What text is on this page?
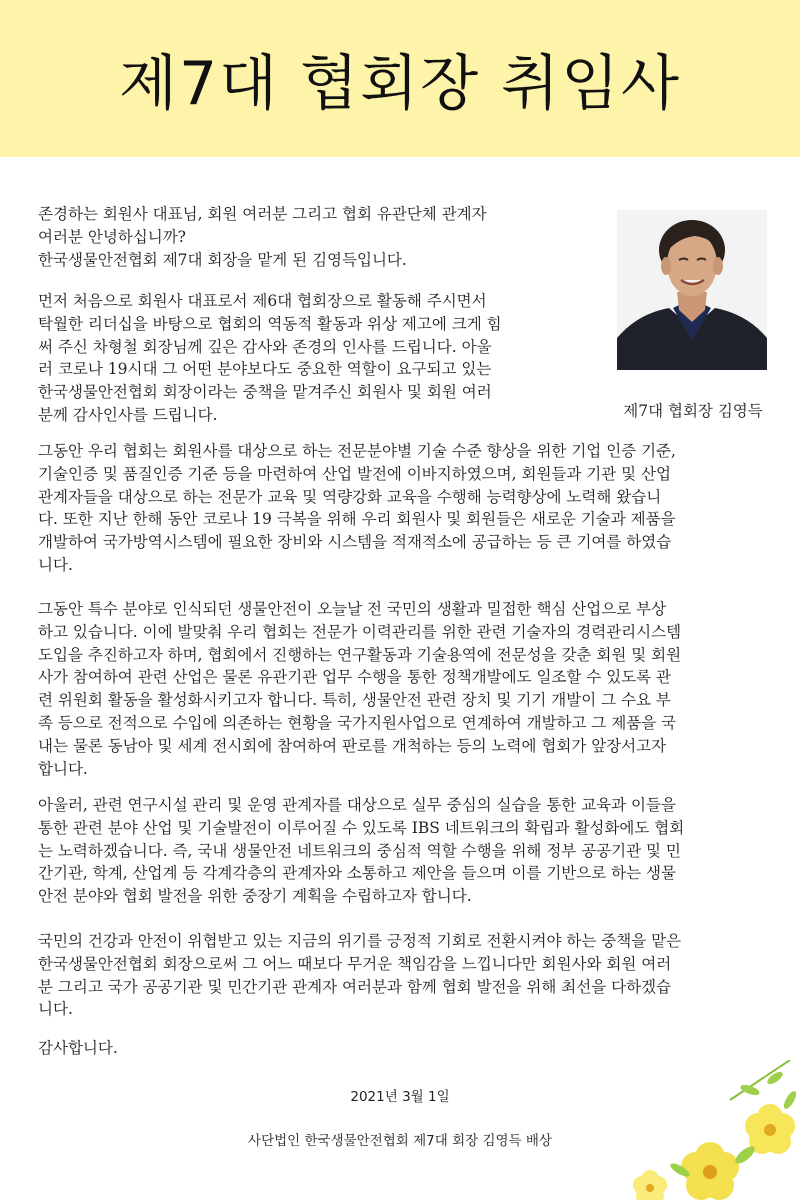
제7대 협회장 취임사
제7대 협회장 김영득

존경하는 회원사 대표님, 회원 여러분 그리고 협회 유관단체 관계자
여러분 안녕하십니까?
한국생물안전협회 제7대 회장을 맡게 된 김영득입니다.

먼저 처음으로 회원사 대표로서 제6대 협회장으로 활동해 주시면서
탁월한 리더십을 바탕으로 협회의 역동적 활동과 위상 제고에 크게 힘
써 주신 차형철 회장님께 깊은 감사와 존경의 인사를 드립니다. 아울
러 코로나 19시대 그 어떤 분야보다도 중요한 역할이 요구되고 있는
한국생물안전협회 회장이라는 중책을 맡겨주신 회원사 및 회원 여러
분께 감사인사를 드립니다.

그동안 우리 협회는 회원사를 대상으로 하는 전문분야별 기술 수준 향상을 위한 기업 인증 기준,
기술인증 및 품질인증 기준 등을 마련하여 산업 발전에 이바지하였으며, 회원들과 기관 및 산업
관계자들을 대상으로 하는 전문가 교육 및 역량강화 교육을 수행해 능력향상에 노력해 왔습니
다. 또한 지난 한해 동안 코로나 19 극복을 위해 우리 회원사 및 회원들은 새로운 기술과 제품을
개발하여 국가방역시스템에 필요한 장비와 시스템을 적재적소에 공급하는 등 큰 기여를 하였습
니다.

그동안 특수 분야로 인식되던 생물안전이 오늘날 전 국민의 생활과 밀접한 핵심 산업으로 부상
하고 있습니다. 이에 발맞춰 우리 협회는 전문가 이력관리를 위한 관련 기술자의 경력관리시스템
도입을 추진하고자 하며, 협회에서 진행하는 연구활동과 기술용역에 전문성을 갖춘 회원 및 회원
사가 참여하여 관련 산업은 물론 유관기관 업무 수행을 통한 정책개발에도 일조할 수 있도록 관
련 위원회 활동을 활성화시키고자 합니다. 특히, 생물안전 관련 장치 및 기기 개발이 그 수요 부
족 등으로 전적으로 수입에 의존하는 현황을 국가지원사업으로 연계하여 개발하고 그 제품을 국
내는 물론 동남아 및 세계 전시회에 참여하여 판로를 개척하는 등의 노력에 협회가 앞장서고자
합니다.

아울러, 관련 연구시설 관리 및 운영 관계자를 대상으로 실무 중심의 실습을 통한 교육과 이들을
통한 관련 분야 산업 및 기술발전이 이루어질 수 있도록 IBS 네트워크의 확립과 활성화에도 협회
는 노력하겠습니다. 즉, 국내 생물안전 네트워크의 중심적 역할 수행을 위해 정부 공공기관 및 민
간기관, 학계, 산업계 등 각계각층의 관계자와 소통하고 제안을 들으며 이를 기반으로 하는 생물
안전 분야와 협회 발전을 위한 중장기 계획을 수립하고자 합니다.

국민의 건강과 안전이 위협받고 있는 지금의 위기를 긍정적 기회로 전환시켜야 하는 중책을 맡은
한국생물안전협회 회장으로써 그 어느 때보다 무거운 책임감을 느낍니다만 회원사와 회원 여러
분 그리고 국가 공공기관 및 민간기관 관계자 여러분과 함께 협회 발전을 위해 최선을 다하겠습
니다.

감사합니다.

2021년 3월 1일
사단법인 한국생물안전협회 제7대 회장 김영득 배상
